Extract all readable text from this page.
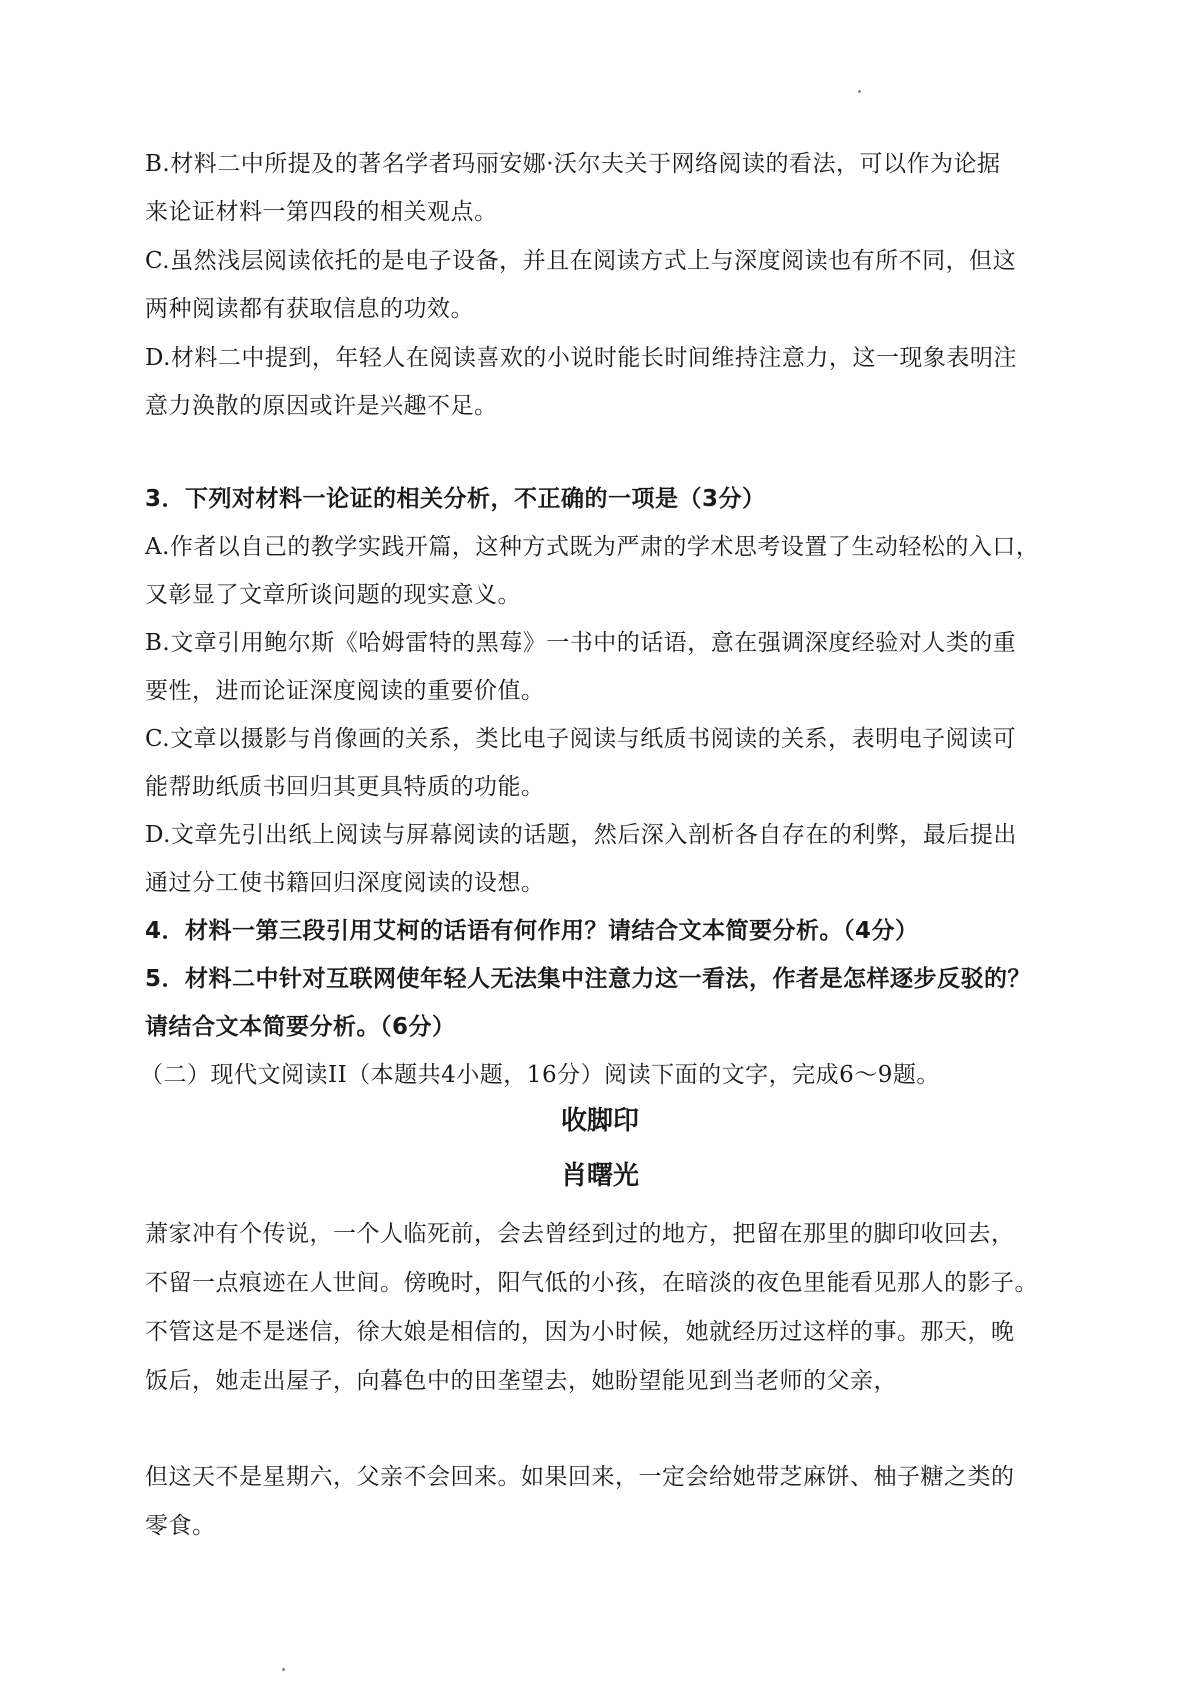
B.材料二中所提及的著名学者玛丽安娜·沃尔夫关于网络阅读的看法，可以作为论据
来论证材料一第四段的相关观点。
C.虽然浅层阅读依托的是电子设备，并且在阅读方式上与深度阅读也有所不同，但这
两种阅读都有获取信息的功效。
D.材料二中提到，年轻人在阅读喜欢的小说时能长时间维持注意力，这一现象表明注
意力涣散的原因或许是兴趣不足。
3．下列对材料一论证的相关分析，不正确的一项是（3分）
A.作者以自己的教学实践开篇，这种方式既为严肃的学术思考设置了生动轻松的入口，
又彰显了文章所谈问题的现实意义。
B.文章引用鲍尔斯《哈姆雷特的黑莓》一书中的话语，意在强调深度经验对人类的重
要性，进而论证深度阅读的重要价值。
C.文章以摄影与肖像画的关系，类比电子阅读与纸质书阅读的关系，表明电子阅读可
能帮助纸质书回归其更具特质的功能。
D.文章先引出纸上阅读与屏幕阅读的话题，然后深入剖析各自存在的利弊，最后提出
通过分工使书籍回归深度阅读的设想。
4．材料一第三段引用艾柯的话语有何作用？请结合文本简要分析。（4分）
5．材料二中针对互联网使年轻人无法集中注意力这一看法，作者是怎样逐步反驳的？
请结合文本简要分析。（6分）
（二）现代文阅读II（本题共4小题，16分）阅读下面的文字，完成6～9题。
收脚印
肖曙光
萧家冲有个传说，一个人临死前，会去曾经到过的地方，把留在那里的脚印收回去，
不留一点痕迹在人世间。傍晚时，阳气低的小孩，在暗淡的夜色里能看见那人的影子。
不管这是不是迷信，徐大娘是相信的，因为小时候，她就经历过这样的事。那天，晚
饭后，她走出屋子，向暮色中的田垄望去，她盼望能见到当老师的父亲，
但这天不是星期六，父亲不会回来。如果回来，一定会给她带芝麻饼、柚子糖之类的
零食。
